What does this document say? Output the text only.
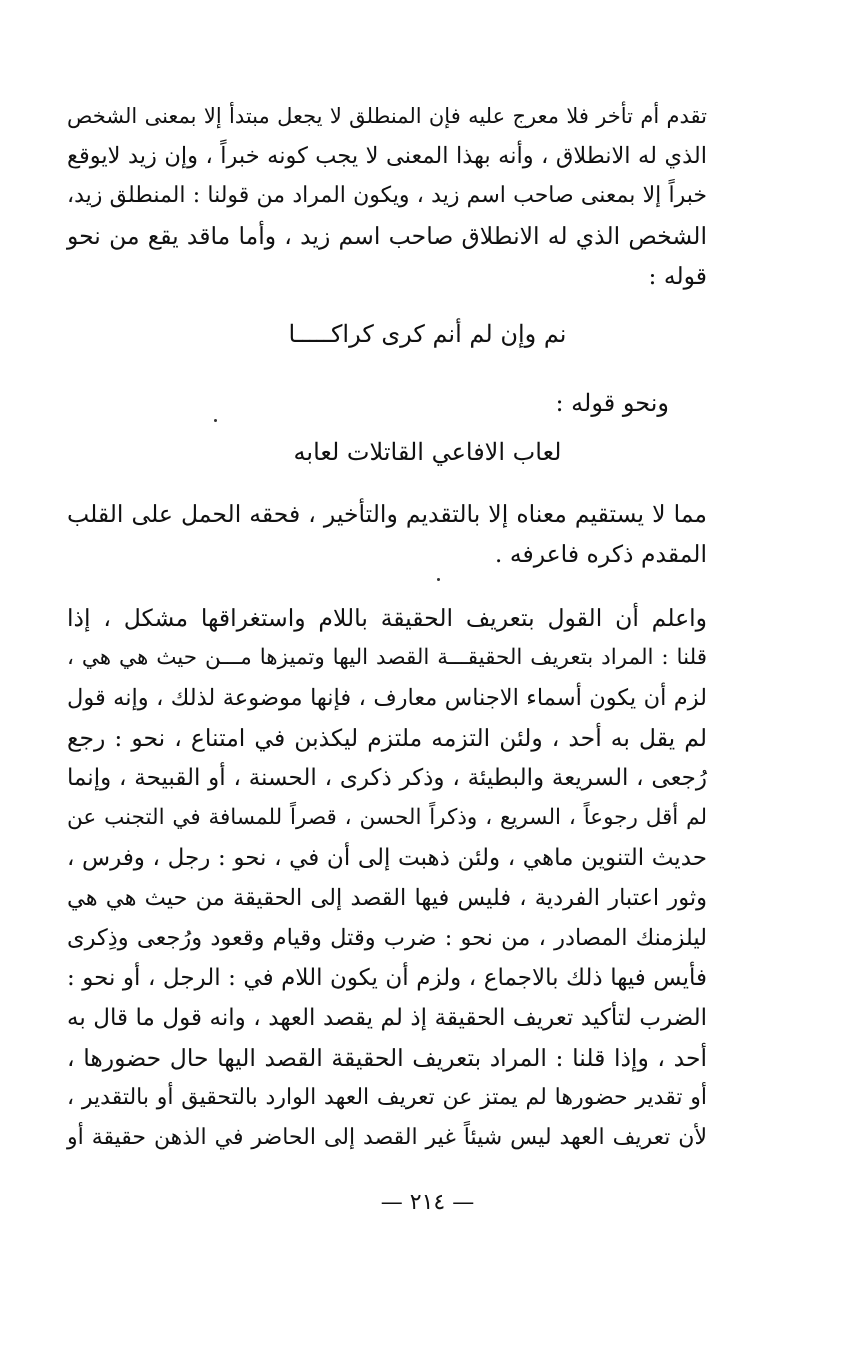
تقدم أم تأخر فلا معرج عليه فإن المنطلق لا يجعل مبتدأ إلا بمعنى الشخص
الذي له الانطلاق ، وأنه بهذا المعنى لا يجب كونه خبراً ، وإن زيد لايوقع
خبراً إلا بمعنى صاحب اسم زيد ، ويكون المراد من قولنا : المنطلق زيد،
الشخص الذي له الانطلاق صاحب اسم زيد ، وأما ماقد يقع من نحو
قوله :
نم وإن لم أنم كرى كراكـــــا
ونحو قوله :
لعاب الافاعي القاتلات لعابه
مما لا يستقيم معناه إلا بالتقديم والتأخير ، فحقه الحمل على القلب
المقدم ذكره فاعرفه .
واعلم أن القول بتعريف الحقيقة باللام واستغراقها مشكل ، إذا
قلنا : المراد بتعريف الحقيقـــة القصد اليها وتميزها مـــن حيث هي هي ،
لزم أن يكون أسماء الاجناس معارف ، فإنها موضوعة لذلك ، وإنه قول
لم يقل به أحد ، ولئن التزمه ملتزم ليكذبن في امتناع ، نحو : رجع
رُجعى ، السريعة والبطيئة ، وذكر ذكرى ، الحسنة ، أو القبيحة ، وإنما
لم أقل رجوعاً ، السريع ، وذكراً الحسن ، قصراً للمسافة في التجنب عن
حديث التنوين ماهي ، ولئن ذهبت إلى أن في ، نحو : رجل ، وفرس ،
وثور اعتبار الفردية ، فليس فيها القصد إلى الحقيقة من حيث هي هي
ليلزمنك المصادر ، من نحو : ضرب وقتل وقيام وقعود ورُجعى وذِكرى
فأيس فيها ذلك بالاجماع ، ولزم أن يكون اللام في : الرجل ، أو نحو :
الضرب لتأكيد تعريف الحقيقة إذ لم يقصد العهد ، وانه قول ما قال به
أحد ، وإذا قلنا : المراد بتعريف الحقيقة القصد اليها حال حضورها ،
أو تقدير حضورها لم يمتز عن تعريف العهد الوارد بالتحقيق أو بالتقدير ،
لأن تعريف العهد ليس شيئاً غير القصد إلى الحاضر في الذهن حقيقة أو
— ٢١٤ —
